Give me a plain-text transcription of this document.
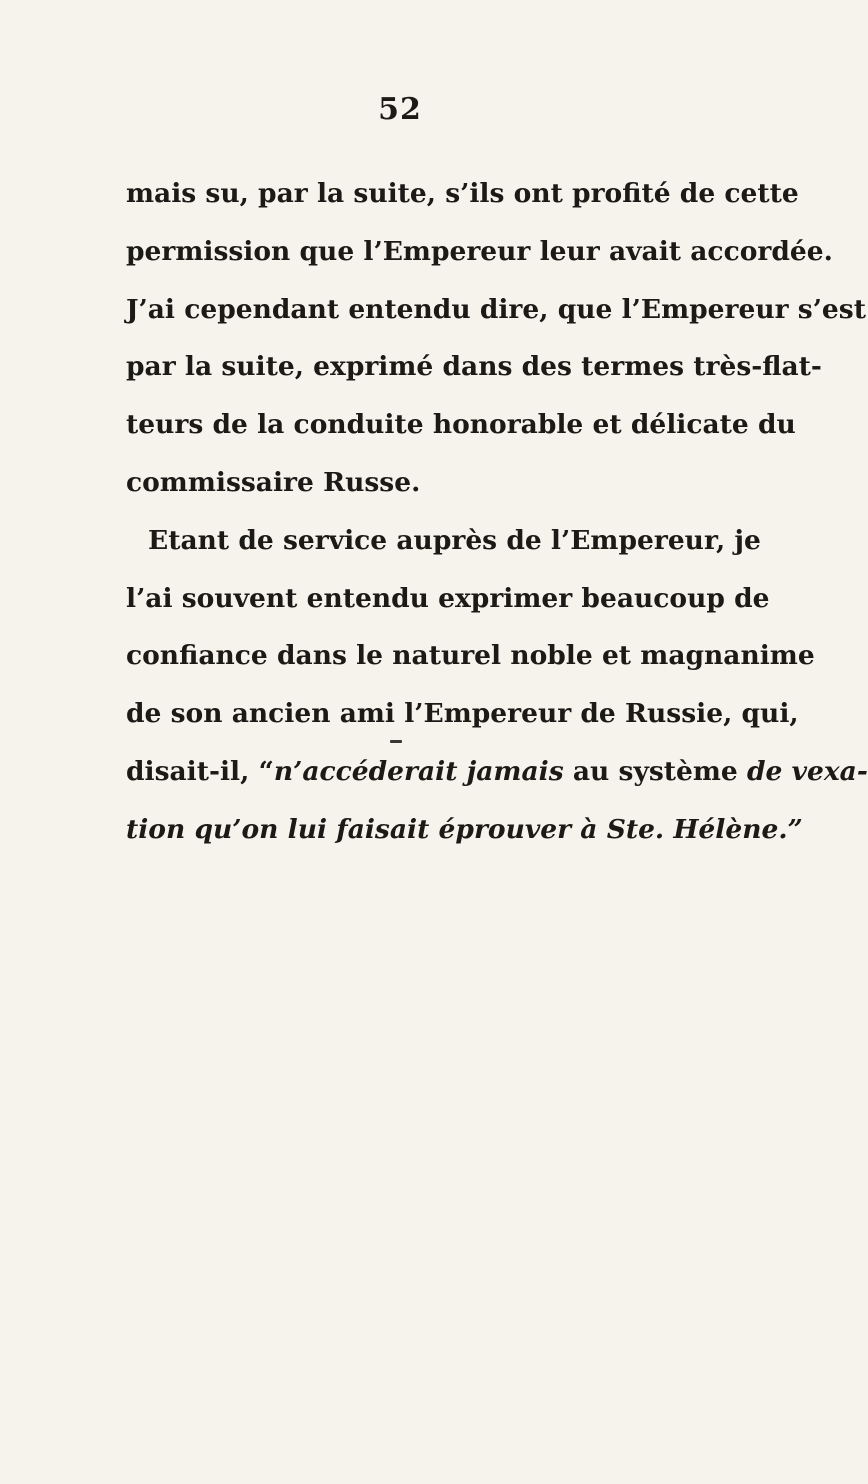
52
mais su, par la suite, s’ils ont profité de cette
permission que l’Empereur leur avait accordée.
J’ai cependant entendu dire, que l’Empereur s’est
par la suite, exprimé dans des termes très-flat-
teurs de la conduite honorable et délicate du
commissaire Russe.
Etant de service auprès de l’Empereur, je
l’ai souvent entendu exprimer beaucoup de
confiance dans le naturel noble et magnanime
de son ancien ami l’Empereur de Russie, qui,
disait-il, “n’accéderait jamais au système de vexa-
tion qu’on lui faisait éprouver à Ste. Hélène.”
